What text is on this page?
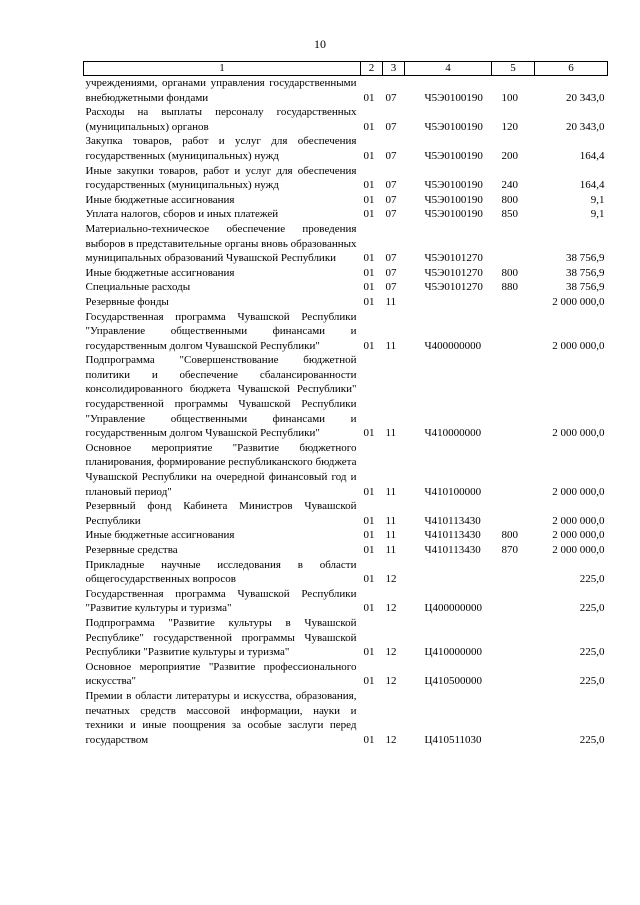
10
1	2	3	4	5	6
учреждениями, органами управления государственными внебюджетными фондами	01	07	Ч5Э0100190	100	20 343,0
Расходы на выплаты персоналу государственных (муниципальных) органов	01	07	Ч5Э0100190	120	20 343,0
Закупка товаров, работ и услуг для обеспечения государственных (муниципальных) нужд	01	07	Ч5Э0100190	200	164,4
Иные закупки товаров, работ и услуг для обеспечения государственных (муниципальных) нужд	01	07	Ч5Э0100190	240	164,4
Иные бюджетные ассигнования	01	07	Ч5Э0100190	800	9,1
Уплата налогов, сборов и иных платежей	01	07	Ч5Э0100190	850	9,1
Материально-техническое обеспечение проведения выборов в представительные органы вновь образованных муниципальных образований Чувашской Республики	01	07	Ч5Э0101270		38 756,9
Иные бюджетные ассигнования	01	07	Ч5Э0101270	800	38 756,9
Специальные расходы	01	07	Ч5Э0101270	880	38 756,9
Резервные фонды	01	11			2 000 000,0
Государственная программа Чувашской Республики "Управление общественными финансами и государственным долгом Чувашской Республики"	01	11	Ч400000000		2 000 000,0
Подпрограмма "Совершенствование бюджетной политики и обеспечение сбалансированности консолидированного бюджета Чувашской Республики" государственной программы Чувашской Республики "Управление общественными финансами и государственным долгом Чувашской Республики"	01	11	Ч410000000		2 000 000,0
Основное мероприятие "Развитие бюджетного планирования, формирование республиканского бюджета Чувашской Республики на очередной финансовый год и плановый период"	01	11	Ч410100000		2 000 000,0
Резервный фонд Кабинета Министров Чувашской Республики	01	11	Ч410113430		2 000 000,0
Иные бюджетные ассигнования	01	11	Ч410113430	800	2 000 000,0
Резервные средства	01	11	Ч410113430	870	2 000 000,0
Прикладные научные исследования в области общегосударственных вопросов	01	12			225,0
Государственная программа Чувашской Республики "Развитие культуры и туризма"	01	12	Ц400000000		225,0
Подпрограмма "Развитие культуры в Чувашской Республике" государственной программы Чувашской Республики "Развитие культуры и туризма"	01	12	Ц410000000		225,0
Основное мероприятие "Развитие профессионального искусства"	01	12	Ц410500000		225,0
Премии в области литературы и искусства, образования, печатных средств массовой информации, науки и техники и иные поощрения за особые заслуги перед государством	01	12	Ц410511030		225,0
